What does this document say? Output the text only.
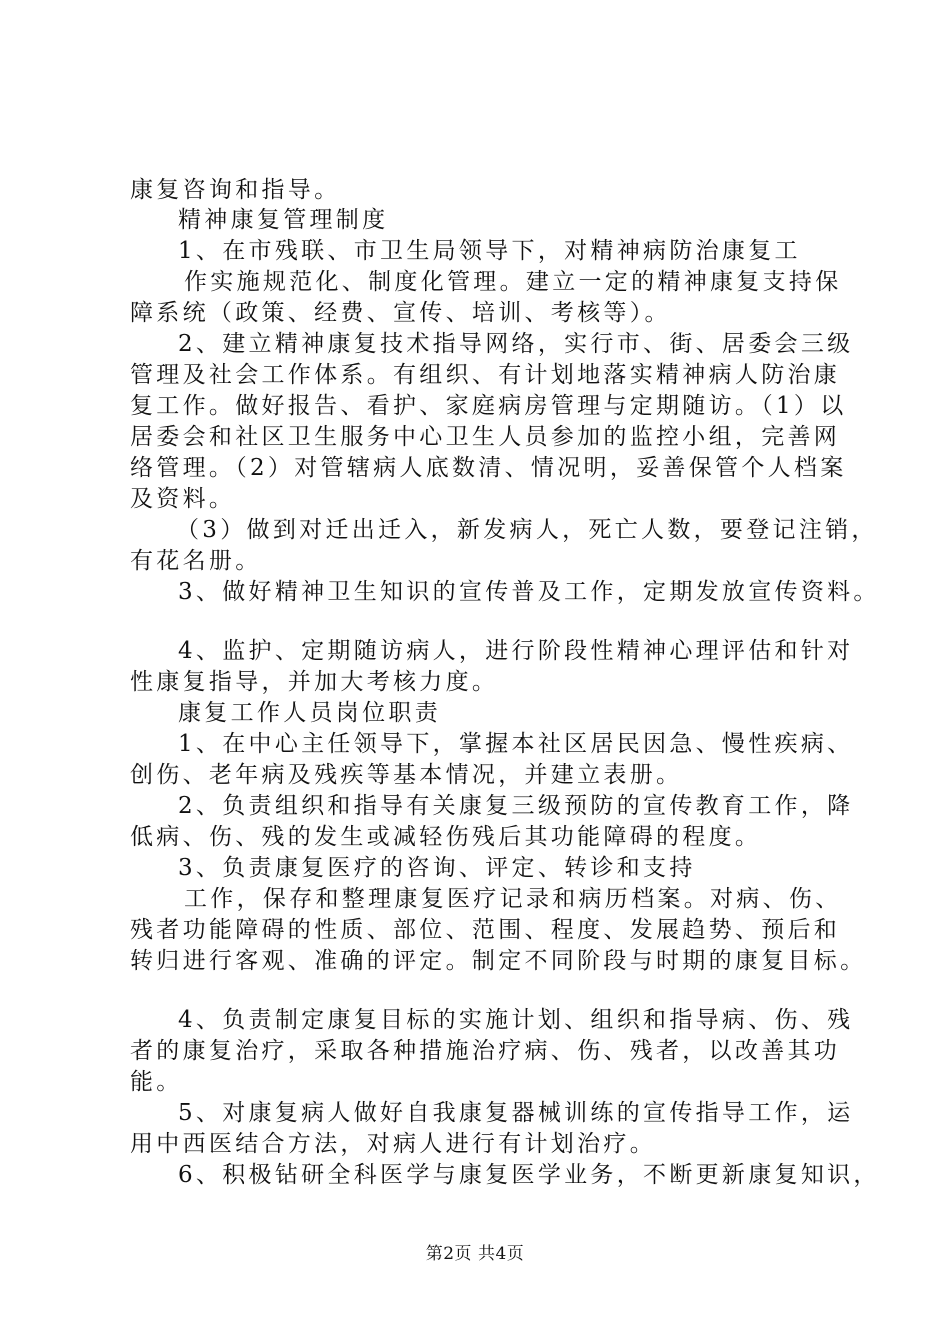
康复咨询和指导。
精神康复管理制度
1、在市残联、市卫生局领导下，对精神病防治康复工
作实施规范化、制度化管理。建立一定的精神康复支持保
障系统（政策、经费、宣传、培训、考核等）。
2、建立精神康复技术指导网络，实行市、街、居委会三级
管理及社会工作体系。有组织、有计划地落实精神病人防治康
复工作。做好报告、看护、家庭病房管理与定期随访。（1）以
居委会和社区卫生服务中心卫生人员参加的监控小组，完善网
络管理。（2）对管辖病人底数清、情况明，妥善保管个人档案
及资料。
（3）做到对迁出迁入，新发病人，死亡人数，要登记注销，
有花名册。
3、做好精神卫生知识的宣传普及工作，定期发放宣传资料。
4、监护、定期随访病人，进行阶段性精神心理评估和针对
性康复指导，并加大考核力度。
康复工作人员岗位职责
1、在中心主任领导下，掌握本社区居民因急、慢性疾病、
创伤、老年病及残疾等基本情况，并建立表册。
2、负责组织和指导有关康复三级预防的宣传教育工作，降
低病、伤、残的发生或减轻伤残后其功能障碍的程度。
3、负责康复医疗的咨询、评定、转诊和支持
工作，保存和整理康复医疗记录和病历档案。对病、伤、
残者功能障碍的性质、部位、范围、程度、发展趋势、预后和
转归进行客观、准确的评定。制定不同阶段与时期的康复目标。
4、负责制定康复目标的实施计划、组织和指导病、伤、残
者的康复治疗，采取各种措施治疗病、伤、残者，以改善其功
能。
5、对康复病人做好自我康复器械训练的宣传指导工作，运
用中西医结合方法，对病人进行有计划治疗。
6、积极钻研全科医学与康复医学业务，不断更新康复知识，
第2页 共4页
